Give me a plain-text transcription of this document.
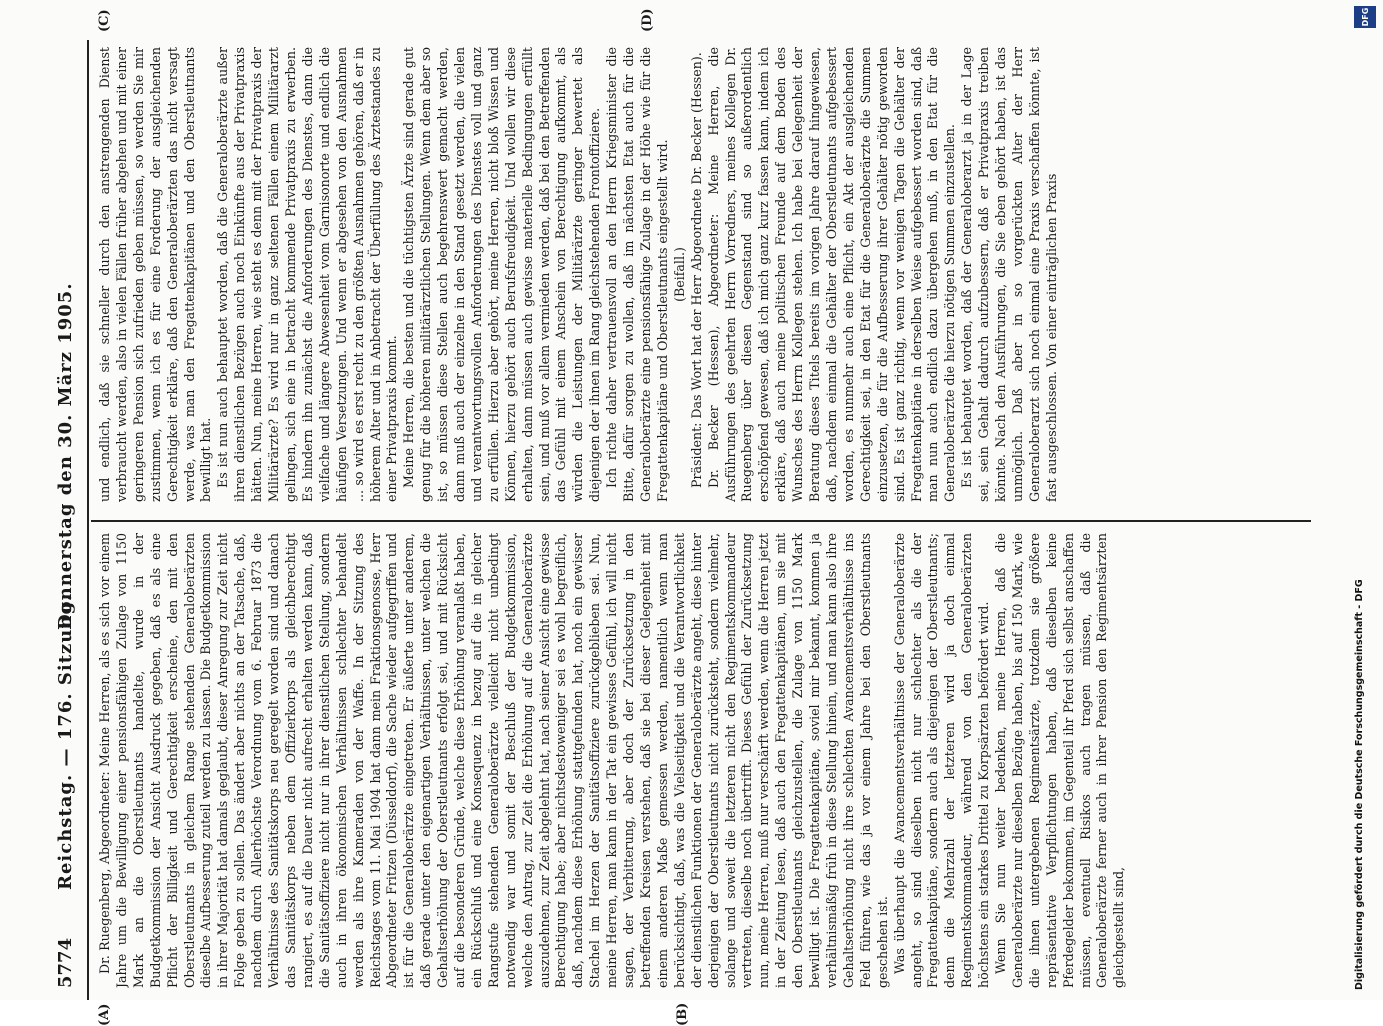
5774
Reichstag. — 176. Sitzung.
Donnerstag den 30. März 1905.
(A)	(B)
(C)	(D)

Dr. Ruegenberg, Abgeordneter: Meine Herren, als es sich vor einem Jahre um die Bewilligung einer pensionsfähigen Zulage von 1150 Mark an die Oberstleutnants handelte, wurde in der Budgetkommission der Ansicht Ausdruck gegeben, daß es als eine Pflicht der Billigkeit und Gerechtigkeit erscheine, den mit den Oberstleutnants in gleichem Range stehenden Generaloberärzten dieselbe Aufbesserung zuteil werden zu lassen. Die Budgetkommission in ihrer Majorität hat damals geglaubt, dieser Anregung zur Zeit nicht Folge geben zu sollen. Das ändert aber nichts an der Tatsache, daß, nachdem durch Allerhöchste Verordnung vom 6. Februar 1873 die Verhältnisse des Sanitätskorps neu geregelt worden sind und danach das Sanitätskorps neben dem Offizierkorps als gleichberechtigt rangiert, es auf die Dauer nicht aufrecht erhalten werden kann, daß die Sanitätsoffiziere nicht nur in ihrer dienstlichen Stellung, sondern auch in ihren ökonomischen Verhältnissen schlechter behandelt werden als ihre Kameraden von der Waffe. In der Sitzung des Reichstages vom 11. Mai 1904 hat dann mein Fraktionsgenosse, Herr Abgeordneter Fritzen (Düsseldorf), die Sache wieder aufgegriffen und ist für die Generaloberärzte eingetreten. Er äußerte unter anderem, daß gerade unter den eigenartigen Verhältnissen, unter welchen die Gehaltserhöhung der Oberstleutnants erfolgt sei, und mit Rücksicht auf die besonderen Gründe, welche diese Erhöhung veranlaßt haben, ein Rückschluß und eine Konsequenz in bezug auf die in gleicher Rangstufe stehenden Generaloberärzte vielleicht nicht unbedingt notwendig war und somit der Beschluß der Budgetkommission, welche den Antrag, zur Zeit die Erhöhung auf die Generaloberärzte auszudehnen, zur Zeit abgelehnt hat, nach seiner Ansicht eine gewisse Berechtigung habe; aber nichtsdestoweniger sei es wohl begreiflich, daß, nachdem diese Erhöhung stattgefunden hat, noch ein gewisser Stachel im Herzen der Sanitätsoffiziere zurückgeblieben sei. Nun, meine Herren, man kann in der Tat ein gewisses Gefühl, ich will nicht sagen, der Verbitterung, aber doch der Zurücksetzung in den betreffenden Kreisen verstehen, daß sie bei dieser Gelegenheit mit einem anderen Maße gemessen werden, namentlich wenn man berücksichtigt, daß, was die Vielseitigkeit und die Verantwortlichkeit der dienstlichen Funktionen der Generaloberärzte angeht, diese hinter derjenigen der Oberstleutnants nicht zurücksteht, sondern vielmehr, solange und soweit die letzteren nicht den Regimentskommandeur vertreten, dieselbe noch übertrifft. Dieses Gefühl der Zurücksetzung nun, meine Herren, muß nur verschärft werden, wenn die Herren jetzt in der Zeitung lesen, daß auch den Fregattenkapitänen, um sie mit den Oberstleutnants gleichzustellen, die Zulage von 1150 Mark bewilligt ist. Die Fregattenkapitäne, soviel mir bekannt, kommen ja verhältnismäßig früh in diese Stellung hinein, und man kann also ihre Gehaltserhöhung nicht ihre schlechten Avancementsverhältnisse ins Feld führen, wie das ja vor einem Jahre bei den Oberstleutnants geschehen ist. Was überhaupt die Avancementsverhältnisse der Generaloberärzte angeht, so sind dieselben nicht nur schlechter als die der Fregattenkapitäne, sondern auch als diejenigen der Oberstleutnants; denn die Mehrzahl der letzteren wird ja doch einmal Regimentskommandeur, während von den Generaloberärzten höchstens ein starkes Drittel zu Korpsärzten befördert wird. Wenn Sie nun weiter bedenken, meine Herren, daß die Generaloberärzte nur dieselben Bezüge haben, bis auf 150 Mark, wie die ihnen untergebenen Regimentsärzte, trotzdem sie größere repräsentative Verpflichtungen haben, daß dieselben keine Pferdegelder bekommen, im Gegenteil ihr Pferd sich selbst anschaffen müssen, eventuell Risikos auch tragen müssen, daß die Generaloberärzte ferner auch in ihrer Pension den Regimentsärzten gleichgestellt sind,

und endlich, daß sie schneller durch den anstrengenden Dienst verbraucht werden, also in vielen Fällen früher abgehen und mit einer geringeren Pension sich zufrieden geben müssen, so werden Sie mir zustimmen, wenn ich es für eine Forderung der ausgleichenden Gerechtigkeit erkläre, daß den Generaloberärzten das nicht versagt werde, was man den Fregattenkapitänen und den Oberstleutnants bewilligt hat. Es ist nun auch behauptet worden, daß die Generaloberärzte außer ihren dienstlichen Bezügen auch noch Einkünfte aus der Privatpraxis hätten. Nun, meine Herren, wie steht es denn mit der Privatpraxis der Militärärzte? Es wird nur in ganz seltenen Fällen einem Militärarzt gelingen, sich eine in betracht kommende Privatpraxis zu erwerben. Es hindern ihn zunächst die Anforderungen des Dienstes, dann die vielfache und längere Abwesenheit vom Garnisonorte und endlich die häufigen Versetzungen. Und wenn er abgesehen von den Ausnahmen ... so wird es erst recht zu den größten Ausnahmen gehören, daß er in höherem Alter und in Anbetracht der Überfüllung des Ärztestandes zu einer Privatpraxis kommt. Meine Herren, die besten und die tüchtigsten Ärzte sind gerade gut genug für die höheren militärärztlichen Stellungen. Wenn dem aber so ist, so müssen diese Stellen auch begehrenswert gemacht werden, dann muß auch der einzelne in den Stand gesetzt werden, die vielen und verantwortungsvollen Anforderungen des Dienstes voll und ganz zu erfüllen. Hierzu aber gehört, meine Herren, nicht bloß Wissen und Können, hierzu gehört auch Berufsfreudigkeit. Und wollen wir diese erhalten, dann müssen auch gewisse materielle Bedingungen erfüllt sein, und muß vor allem vermieden werden, daß bei den Betreffenden das Gefühl mit einem Anschein von Berechtigung aufkommt, als würden die Leistungen der Militärärzte geringer bewertet als diejenigen der ihnen im Rang gleichstehenden Frontoffiziere. Ich richte daher vertrauensvoll an den Herrn Kriegsminister die Bitte, dafür sorgen zu wollen, daß im nächsten Etat auch für die Generaloberärzte eine pensionsfähige Zulage in der Höhe wie für die Fregattenkapitäne und Oberstleutnants eingestellt wird. (Beifall.) Präsident: Das Wort hat der Herr Abgeordnete Dr. Becker (Hessen). Dr. Becker (Hessen), Abgeordneter: Meine Herren, die Ausführungen des geehrten Herrn Vorredners, meines Kollegen Dr. Ruegenberg über diesen Gegenstand sind so außerordentlich erschöpfend gewesen, daß ich mich ganz kurz fassen kann, indem ich erkläre, daß auch meine politischen Freunde auf dem Boden des Wunsches des Herrn Kollegen stehen. Ich habe bei Gelegenheit der Beratung dieses Titels bereits im vorigen Jahre darauf hingewiesen, daß, nachdem einmal die Gehälter der Oberstleutnants aufgebessert worden, es nunmehr auch eine Pflicht, ein Akt der ausgleichenden Gerechtigkeit sei, in den Etat für die Generaloberärzte die Summen einzusetzen, die für die Aufbesserung ihrer Gehälter nötig geworden sind. Es ist ganz richtig, wenn vor wenigen Tagen die Gehälter der Fregattenkapitäne in derselben Weise aufgebessert worden sind, daß man nun auch endlich dazu übergehen muß, in den Etat für die Generaloberärzte die hierzu nötigen Summen einzustellen. Es ist behauptet worden, daß der Generaloberarzt ja in der Lage sei, sein Gehalt dadurch aufzubessern, daß er Privatpraxis treiben könnte. Nach den Ausführungen, die Sie eben gehört haben, ist das unmöglich. Daß aber in so vorgerückten Alter der Herr Generaloberarzt sich noch einmal eine Praxis verschaffen könnte, ist fast ausgeschlossen. Von einer einträglichen Praxis

Digitalisierung gefördert durch die Deutsche Forschungsgemeinschaft - DFG
DFG
